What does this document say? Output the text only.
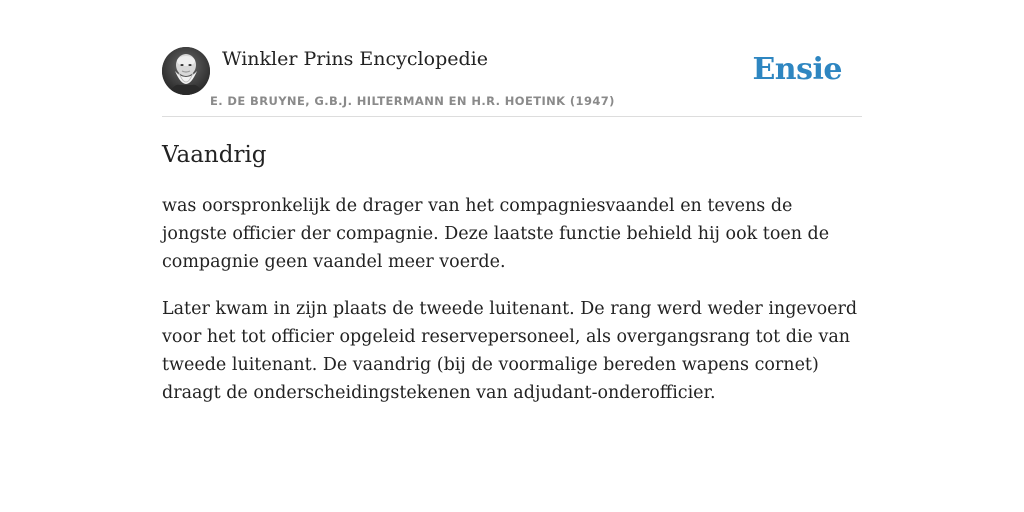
Winkler Prins Encyclopedie
E. DE BRUYNE, G.B.J. HILTERMANN EN H.R. HOETINK (1947)
Ensie
Vaandrig

was oorspronkelijk de drager van het compagniesvaandel en tevens de jongste officier der compagnie. Deze laatste functie behield hij ook toen de compagnie geen vaandel meer voerde.

Later kwam in zijn plaats de tweede luitenant. De rang werd weder ingevoerd voor het tot officier opgeleid reservepersoneel, als overgangsrang tot die van tweede luitenant. De vaandrig (bij de voormalige bereden wapens cornet) draagt de onderscheidingstekenen van adjudant-onderofficier.
